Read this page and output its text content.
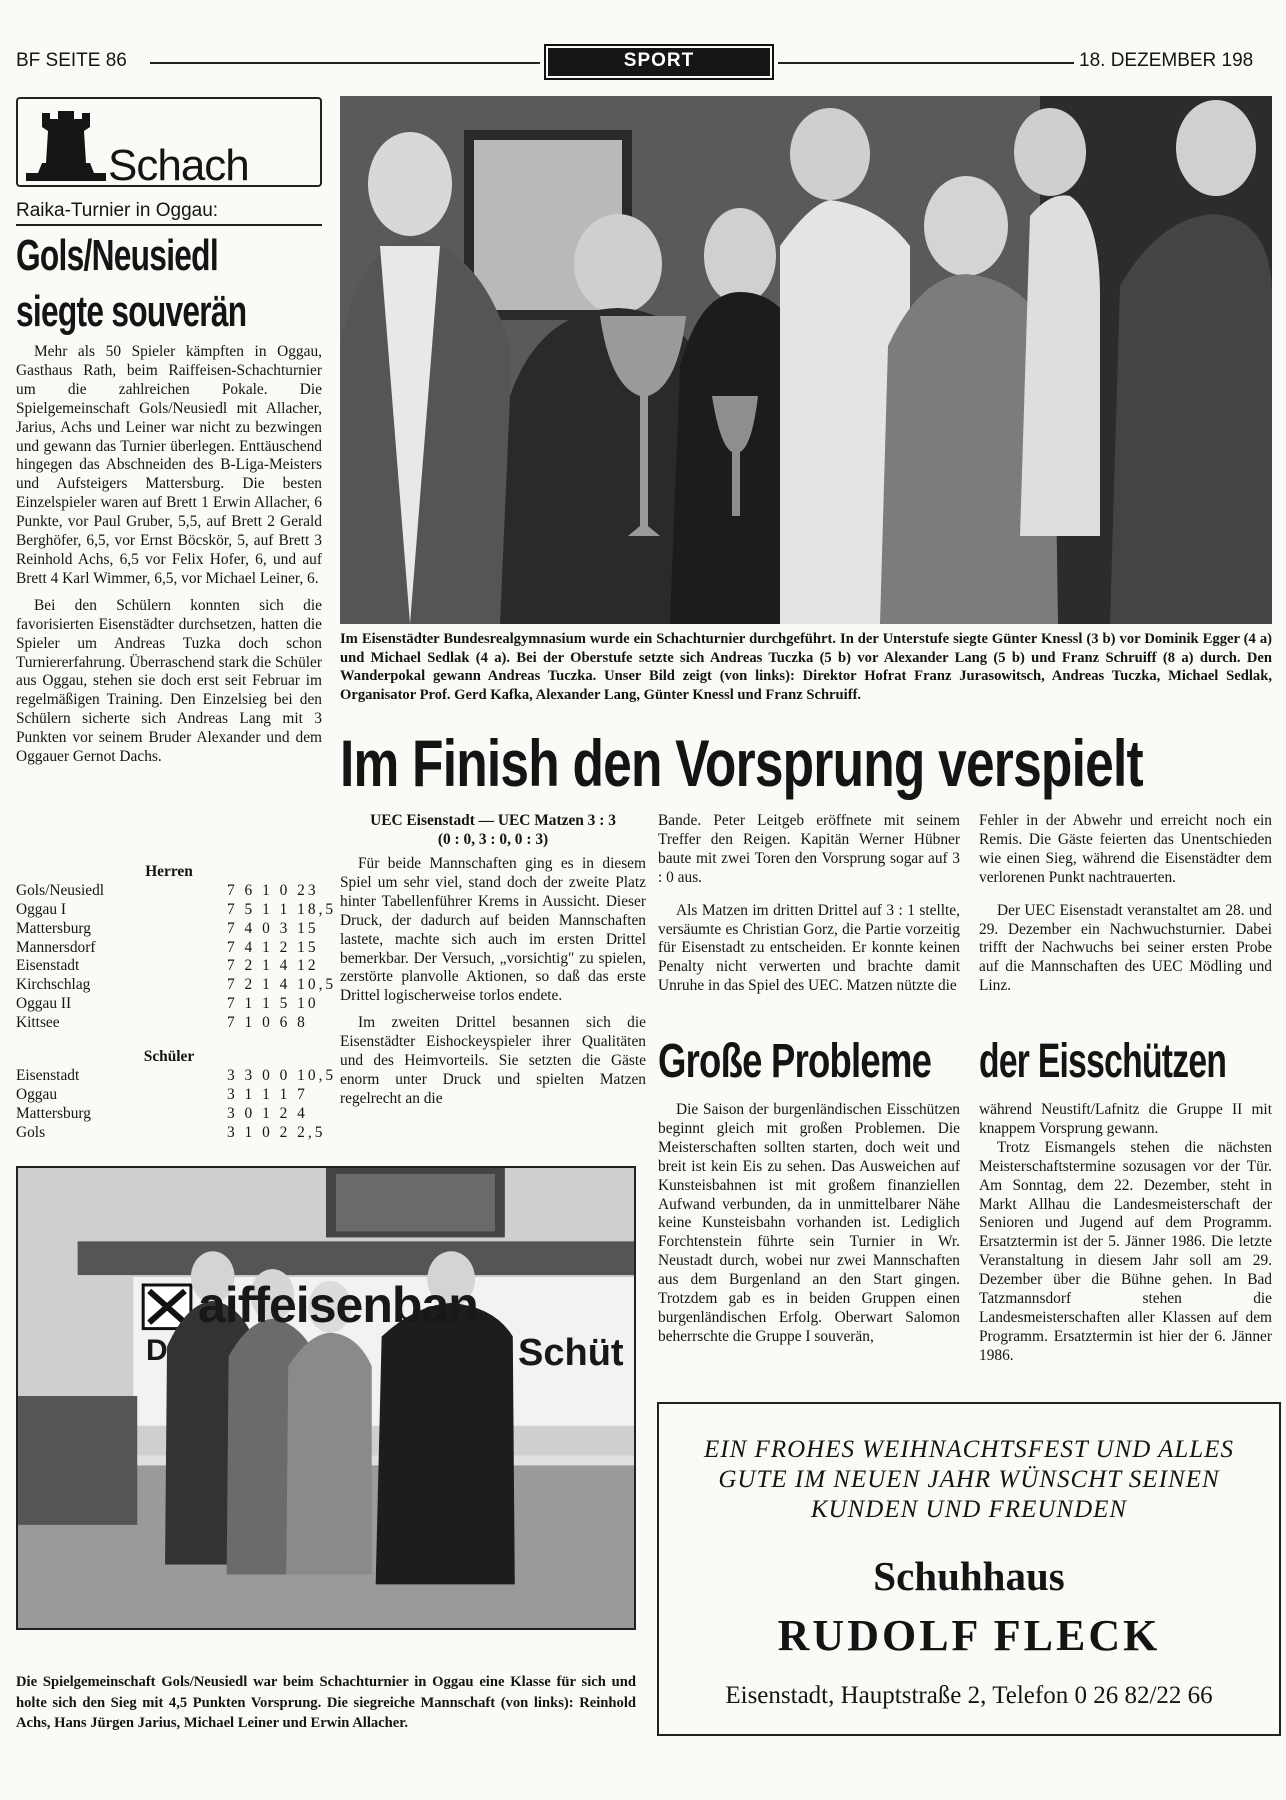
BF SEITE 86	SPORT	18. DEZEMBER 198
Schach
Raika-Turnier in Oggau:
Gols/Neusiedl
siegte souverän

Mehr als 50 Spieler kämpften in Oggau, Gasthaus Rath, beim Raiffeisen-Schachturnier um die zahlreichen Pokale. Die Spielgemeinschaft Gols/Neusiedl mit Allacher, Jarius, Achs und Leiner war nicht zu bezwingen und gewann das Turnier überlegen. Enttäuschend hingegen das Abschneiden des B-Liga-Meisters und Aufsteigers Mattersburg. Die besten Einzelspieler waren auf Brett 1 Erwin Allacher, 6 Punkte, vor Paul Gruber, 5,5, auf Brett 2 Gerald Berghöfer, 6,5, vor Ernst Böcskör, 5, auf Brett 3 Reinhold Achs, 6,5 vor Felix Hofer, 6, und auf Brett 4 Karl Wimmer, 6,5, vor Michael Leiner, 6.

Bei den Schülern konnten sich die favorisierten Eisenstädter durchsetzen, hatten die Spieler um Andreas Tuzka doch schon Turniererfahrung. Überraschend stark die Schüler aus Oggau, stehen sie doch erst seit Februar im regelmäßigen Training. Den Einzelsieg bei den Schülern sicherte sich Andreas Lang mit 3 Punkten vor seinem Bruder Alexander und dem Oggauer Gernot Dachs.

Herren
Gols/Neusiedl	7 6 1 0 23
Oggau I	7 5 1 1 18,5
Mattersburg	7 4 0 3 15
Mannersdorf	7 4 1 2 15
Eisenstadt	7 2 1 4 12
Kirchschlag	7 2 1 4 10,5
Oggau II	7 1 1 5 10
Kittsee	7 1 0 6 8
Schüler
Eisenstadt	3 3 0 0 10,5
Oggau	3 1 1 1 7
Mattersburg	3 0 1 2 4
Gols	3 1 0 2 2,5
Im Eisenstädter Bundesrealgymnasium wurde ein Schachturnier durchgeführt. In der Unterstufe siegte Günter Knessl (3 b) vor Dominik Egger (4 a) und Michael Sedlak (4 a). Bei der Oberstufe setzte sich Andreas Tuczka (5 b) vor Alexander Lang (5 b) und Franz Schruiff (8 a) durch. Den Wanderpokal gewann Andreas Tuczka. Unser Bild zeigt (von links): Direktor Hofrat Franz Jurasowitsch, Andreas Tuczka, Michael Sedlak, Organisator Prof. Gerd Kafka, Alexander Lang, Günter Knessl und Franz Schruiff.
Im Finish den Vorsprung verspielt
UEC Eisenstadt — UEC Matzen 3 : 3
(0 : 0, 3 : 0, 0 : 3)

Für beide Mannschaften ging es in diesem Spiel um sehr viel, stand doch der zweite Platz hinter Tabellenführer Krems in Aussicht. Dieser Druck, der dadurch auf beiden Mannschaften lastete, machte sich auch im ersten Drittel bemerkbar. Der Versuch, „vorsichtig" zu spielen, zerstörte planvolle Aktionen, so daß das erste Drittel logischerweise torlos endete.

Im zweiten Drittel besannen sich die Eisenstädter Eishockeyspieler ihrer Qualitäten und des Heimvorteils. Sie setzten die Gäste enorm unter Druck und spielten Matzen regelrecht an die

Bande. Peter Leitgeb eröffnete mit seinem Treffer den Reigen. Kapitän Werner Hübner baute mit zwei Toren den Vorsprung sogar auf 3 : 0 aus.

Als Matzen im dritten Drittel auf 3 : 1 stellte, versäumte es Christian Gorz, die Partie vorzeitig für Eisenstadt zu entscheiden. Er konnte keinen Penalty nicht verwerten und brachte damit Unruhe in das Spiel des UEC. Matzen nützte die

Fehler in der Abwehr und erreicht noch ein Remis. Die Gäste feierten das Unentschieden wie einen Sieg, während die Eisenstädter dem verlorenen Punkt nachtrauerten.

Der UEC Eisenstadt veranstaltet am 28. und 29. Dezember ein Nachwuchsturnier. Dabei trifft der Nachwuchs bei seiner ersten Probe auf die Mannschaften des UEC Mödling und Linz.

Große Probleme der Eisschützen

Die Saison der burgenländischen Eisschützen beginnt gleich mit großen Problemen. Die Meisterschaften sollten starten, doch weit und breit ist kein Eis zu sehen. Das Ausweichen auf Kunsteisbahnen ist mit großem finanziellen Aufwand verbunden, da in unmittelbarer Nähe keine Kunsteisbahn vorhanden ist. Lediglich Forchtenstein führte sein Turnier in Wr. Neustadt durch, wobei nur zwei Mannschaften aus dem Burgenland an den Start gingen. Trotzdem gab es in beiden Gruppen einen burgenländischen Erfolg. Oberwart Salomon beherrschte die Gruppe I souverän,

während Neustift/Lafnitz die Gruppe II mit knappem Vorsprung gewann.

Trotz Eismangels stehen die nächsten Meisterschaftstermine sozusagen vor der Tür. Am Sonntag, dem 22. Dezember, steht in Markt Allhau die Landesmeisterschaft der Senioren und Jugend auf dem Programm. Ersatztermin ist der 5. Jänner 1986. Die letzte Veranstaltung in diesem Jahr soll am 29. Dezember über die Bühne gehen. In Bad Tatzmannsdorf stehen die Landesmeisterschaften aller Klassen auf dem Programm. Ersatztermin ist hier der 6. Jänner 1986.

aiffeisenban
Schüt
D
Die Spielgemeinschaft Gols/Neusiedl war beim Schachturnier in Oggau eine Klasse für sich und holte sich den Sieg mit 4,5 Punkten Vorsprung. Die siegreiche Mannschaft (von links): Reinhold Achs, Hans Jürgen Jarius, Michael Leiner und Erwin Allacher.
EIN FROHES WEIHNACHTSFEST UND ALLES
GUTE IM NEUEN JAHR WÜNSCHT SEINEN
KUNDEN UND FREUNDEN
Schuhhaus
RUDOLF FLECK
Eisenstadt, Hauptstraße 2, Telefon 0 26 82/22 66
